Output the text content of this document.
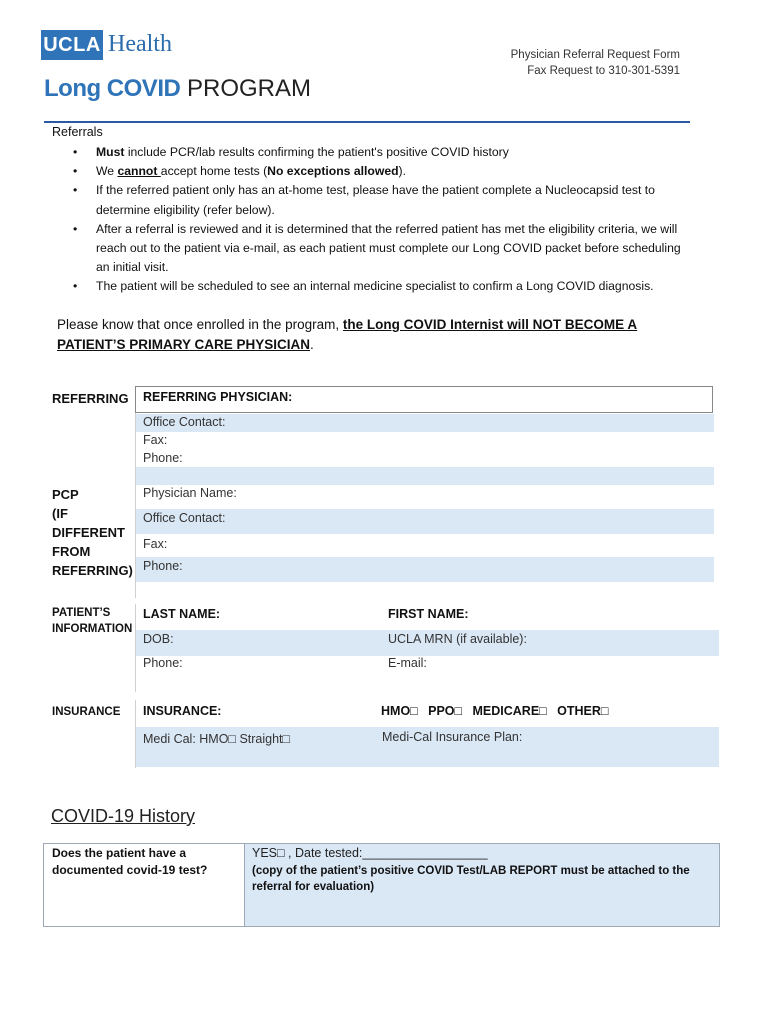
UCLA Health
Long COVID PROGRAM
Physician Referral Request Form
Fax Request to 310-301-5391
Referrals
• Must include PCR/lab results confirming the patient's positive COVID history
• We cannot accept home tests (No exceptions allowed).
• If the referred patient only has an at-home test, please have the patient complete a Nucleocapsid test to determine eligibility (refer below).
• After a referral is reviewed and it is determined that the referred patient has met the eligibility criteria, we will reach out to the patient via e-mail, as each patient must complete our Long COVID packet before scheduling an initial visit.
• The patient will be scheduled to see an internal medicine specialist to confirm a Long COVID diagnosis.
Please know that once enrolled in the program, the Long COVID Internist will NOT BECOME A PATIENT’S PRIMARY CARE PHYSICIAN.
REFERRING REFERRING PHYSICIAN:
Office Contact:
Fax:
Phone:
PCP
(IF
DIFFERENT
FROM
REFERRING)
Physician Name:
Office Contact:
Fax:
Phone:
PATIENT’S
INFORMATION
LAST NAME:	FIRST NAME:
DOB:	UCLA MRN (if available):
Phone:	E-mail:
INSURANCE INSURANCE:	HMO□   PPO□   MEDICARE□   OTHER□
Medi Cal: HMO□ Straight□	Medi-Cal Insurance Plan:
COVID-19 History
Does the patient have a documented covid-19 test?
YES□ , Date tested:__________________
(copy of the patient’s positive COVID Test/LAB REPORT must be attached to the referral for evaluation)
